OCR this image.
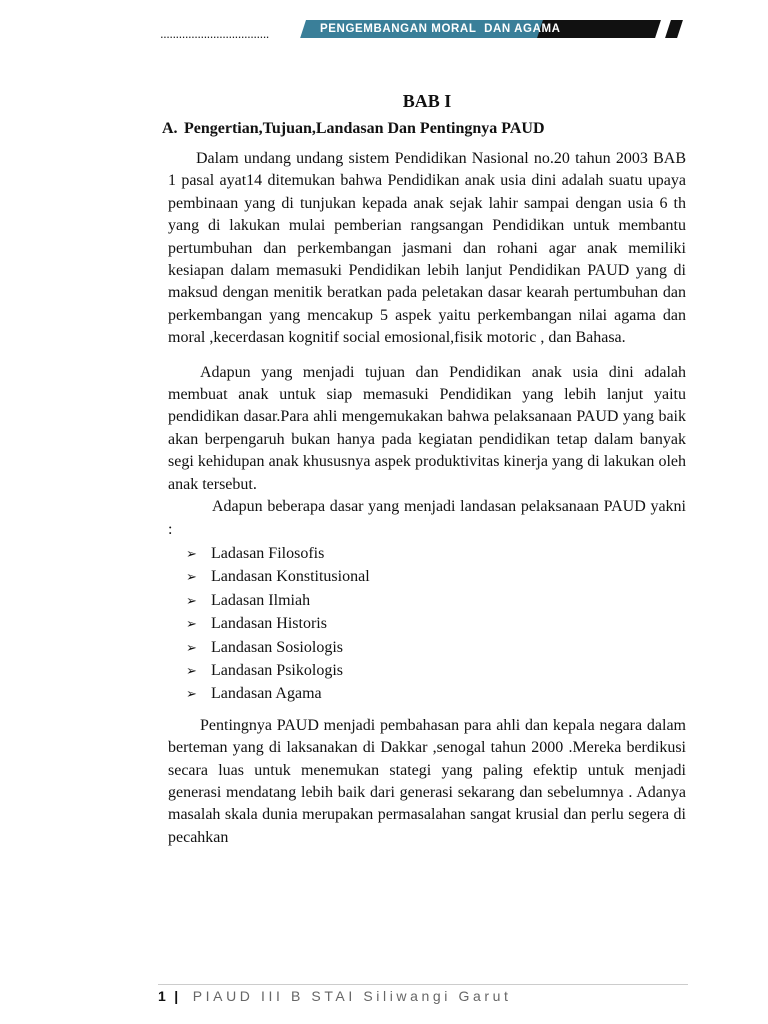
...................................	PENGEMBANGAN MORAL DAN AGAMA
BAB I
A. Pengertian,Tujuan,Landasan Dan Pentingnya PAUD

Dalam undang undang sistem Pendidikan Nasional no.20 tahun 2003 BAB 1 pasal ayat14 ditemukan bahwa Pendidikan anak usia dini adalah suatu upaya pembinaan yang di tunjukan kepada anak sejak lahir sampai dengan usia 6 th yang di lakukan mulai pemberian rangsangan Pendidikan untuk membantu pertumbuhan dan perkembangan jasmani dan rohani agar anak memiliki kesiapan dalam memasuki Pendidikan lebih lanjut Pendidikan PAUD yang di maksud dengan menitik beratkan pada peletakan dasar kearah pertumbuhan dan perkembangan yang mencakup 5 aspek yaitu perkembangan nilai agama dan moral ,kecerdasan kognitif social emosional,fisik motoric , dan Bahasa.

Adapun yang menjadi tujuan dan Pendidikan anak usia dini adalah membuat anak untuk siap memasuki Pendidikan yang lebih lanjut yaitu pendidikan dasar.Para ahli mengemukakan bahwa pelaksanaan PAUD yang baik akan berpengaruh bukan hanya pada kegiatan pendidikan tetap dalam banyak segi kehidupan anak khususnya aspek produktivitas kinerja yang di lakukan oleh anak tersebut.

Adapun beberapa dasar yang menjadi landasan pelaksanaan PAUD yakni :

➢ Ladasan Filosofis
➢ Landasan Konstitusional
➢ Ladasan Ilmiah
➢ Landasan Historis
➢ Landasan Sosiologis
➢ Landasan Psikologis
➢ Landasan Agama

Pentingnya PAUD menjadi pembahasan para ahli dan kepala negara dalam berteman yang di laksanakan di Dakkar ,senogal tahun 2000 .Mereka berdikusi secara luas untuk menemukan stategi yang paling efektip untuk menjadi generasi mendatang lebih baik dari generasi sekarang dan sebelumnya . Adanya masalah skala dunia merupakan permasalahan sangat krusial dan perlu segera di pecahkan

1 | PIAUD III B STAI Siliwangi Garut
